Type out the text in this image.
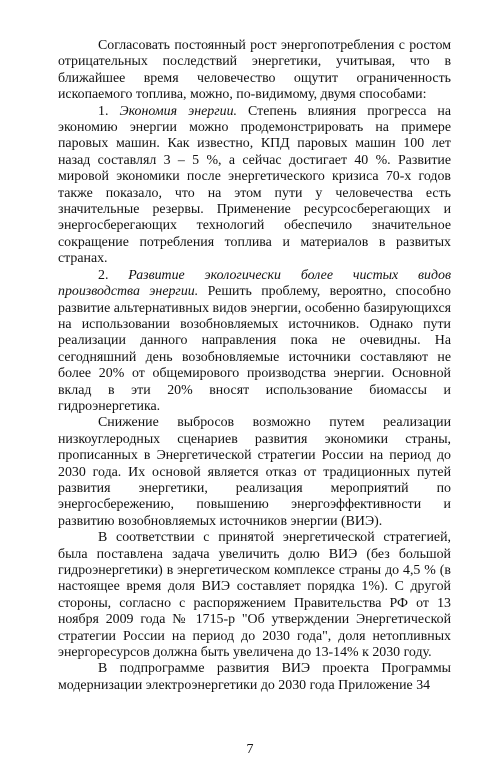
Согласовать постоянный рост энергопотребления с ростом отрицательных последствий энергетики, учитывая, что в ближайшее время человечество ощутит ограниченность ископаемого топлива, можно, по-видимому, двумя способами:

1. Экономия энергии. Степень влияния прогресса на экономию энергии можно продемонстрировать на примере паровых машин. Как известно, КПД паровых машин 100 лет назад составлял 3 – 5 %, а сейчас достигает 40 %. Развитие мировой экономики после энергетического кризиса 70-х годов также показало, что на этом пути у человечества есть значительные резервы. Применение ресурсосберегающих и энергосберегающих технологий обеспечило значительное сокращение потребления топлива и материалов в развитых странах.

2. Развитие экологически более чистых видов производства энергии. Решить проблему, вероятно, способно развитие альтернативных видов энергии, особенно базирующихся на использовании возобновляемых источников. Однако пути реализации данного направления пока не очевидны. На сегодняшний день возобновляемые источники составляют не более 20% от общемирового производства энергии. Основной вклад в эти 20% вносят использование биомассы и гидроэнергетика.

Снижение выбросов возможно путем реализации низкоуглеродных сценариев развития экономики страны, прописанных в Энергетической стратегии России на период до 2030 года. Их основой является отказ от традиционных путей развития энергетики, реализация мероприятий по энергосбережению, повышению энергоэффективности и развитию возобновляемых источников энергии (ВИЭ).

В соответствии с принятой энергетической стратегией, была поставлена задача увеличить долю ВИЭ (без большой гидроэнергетики) в энергетическом комплексе страны до 4,5 % (в настоящее время доля ВИЭ составляет порядка 1%). С другой стороны, согласно с распоряжением Правительства РФ от 13 ноября 2009 года № 1715-р "Об утверждении Энергетической стратегии России на период до 2030 года", доля нетопливных энергоресурсов должна быть увеличена до 13-14% к 2030 году.

В подпрограмме развития ВИЭ проекта Программы модернизации электроэнергетики до 2030 года Приложение 34

7
